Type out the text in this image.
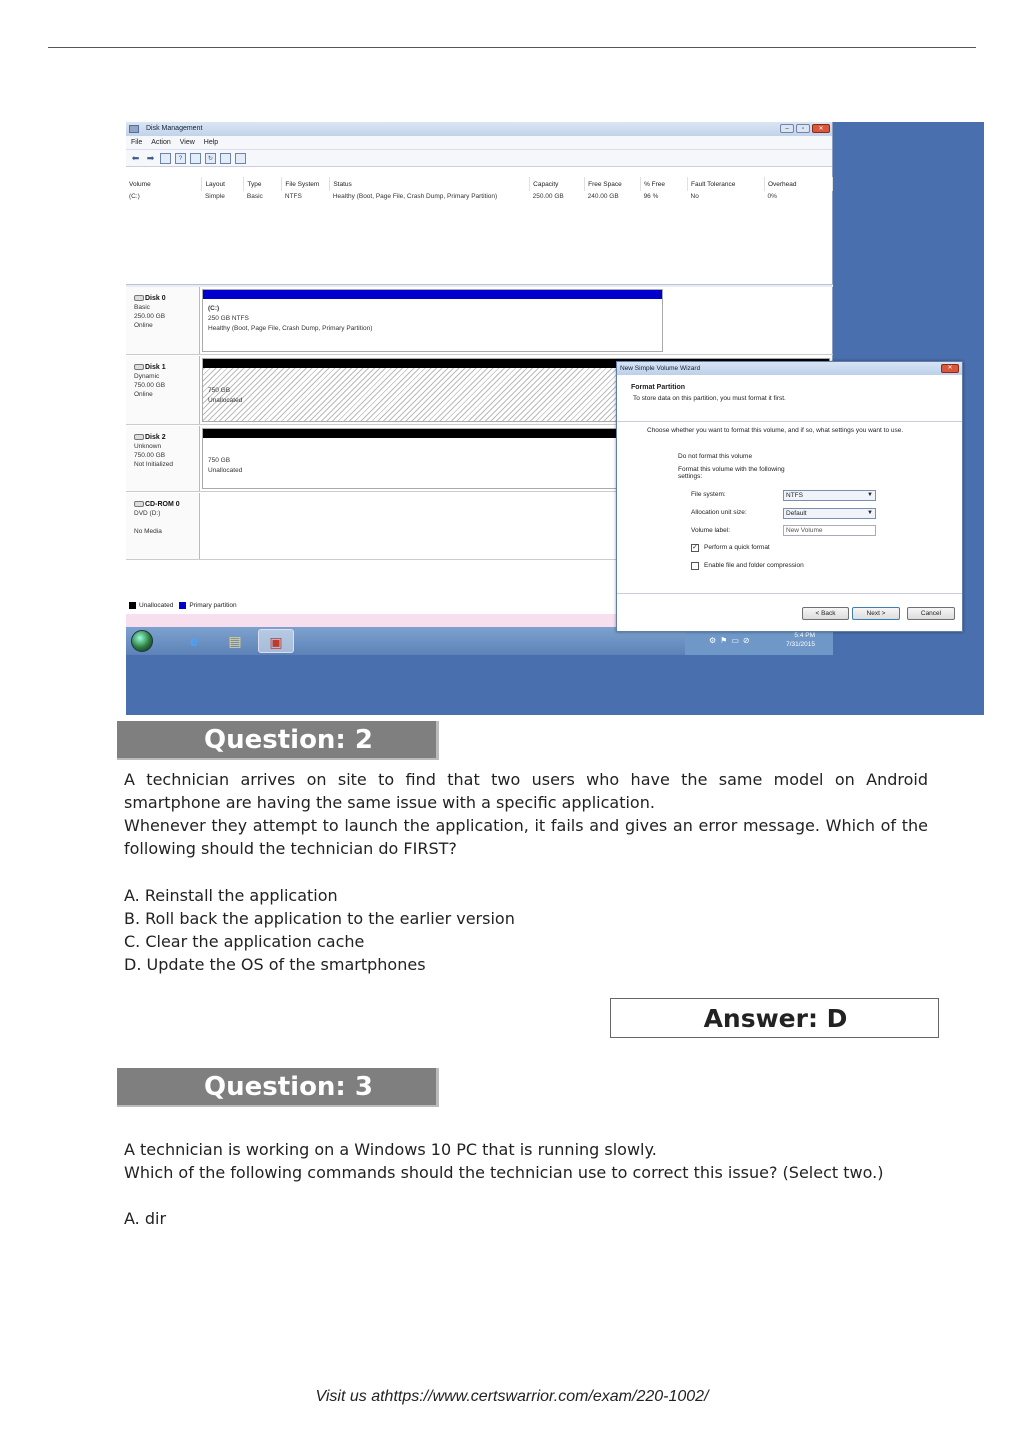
Disk Management	–	▫	✕
File Action View Help
⬅ ➡	?	↻
Volume	Layout	Type	File System	Status	Capacity	Free Space	% Free	Fault Tolerance	Overhead
(C:)	Simple	Basic	NTFS	Healthy (Boot, Page File, Crash Dump, Primary Partition)	250.00 GB	240.00 GB	96 %	No	0%
Disk 0
Basic
250.00 GB
Online
(C:)
250 GB NTFS
Healthy (Boot, Page File, Crash Dump, Primary Partition)
Disk 1
Dynamic
750.00 GB
Online
750 GB
Unallocated
Disk 2
Unknown
750.00 GB
Not Initialized
750 GB
Unallocated
CD-ROM 0
DVD (D:)

No Media
Unallocated	Primary partition
e	▤	▣	⚙⚑▭⊘
5:4 PM
7/31/2015
New Simple Volume Wizard	✕
Format Partition
To store data on this partition, you must format it first.
Choose whether you want to format this volume, and if so, what settings you want to use.
Do not format this volume
Format this volume with the following settings:
File system:	NTFS ▼
Allocation unit size:	Default ▼
Volume label:	New Volume
✓ Perform a quick format
Enable file and folder compression
< Back	Next >	Cancel
Question: 2
A technician arrives on site to find that two users who have the same model on Android smartphone are having the same issue with a specific application.
Whenever they attempt to launch the application, it fails and gives an error message. Which of the following should the technician do FIRST?
A. Reinstall the application
B. Roll back the application to the earlier version
C. Clear the application cache
D. Update the OS of the smartphones
Answer: D
Question: 3
A technician is working on a Windows 10 PC that is running slowly.
Which of the following commands should the technician use to correct this issue? (Select two.)
A. dir
Visit us athttps://www.certswarrior.com/exam/220-1002/
